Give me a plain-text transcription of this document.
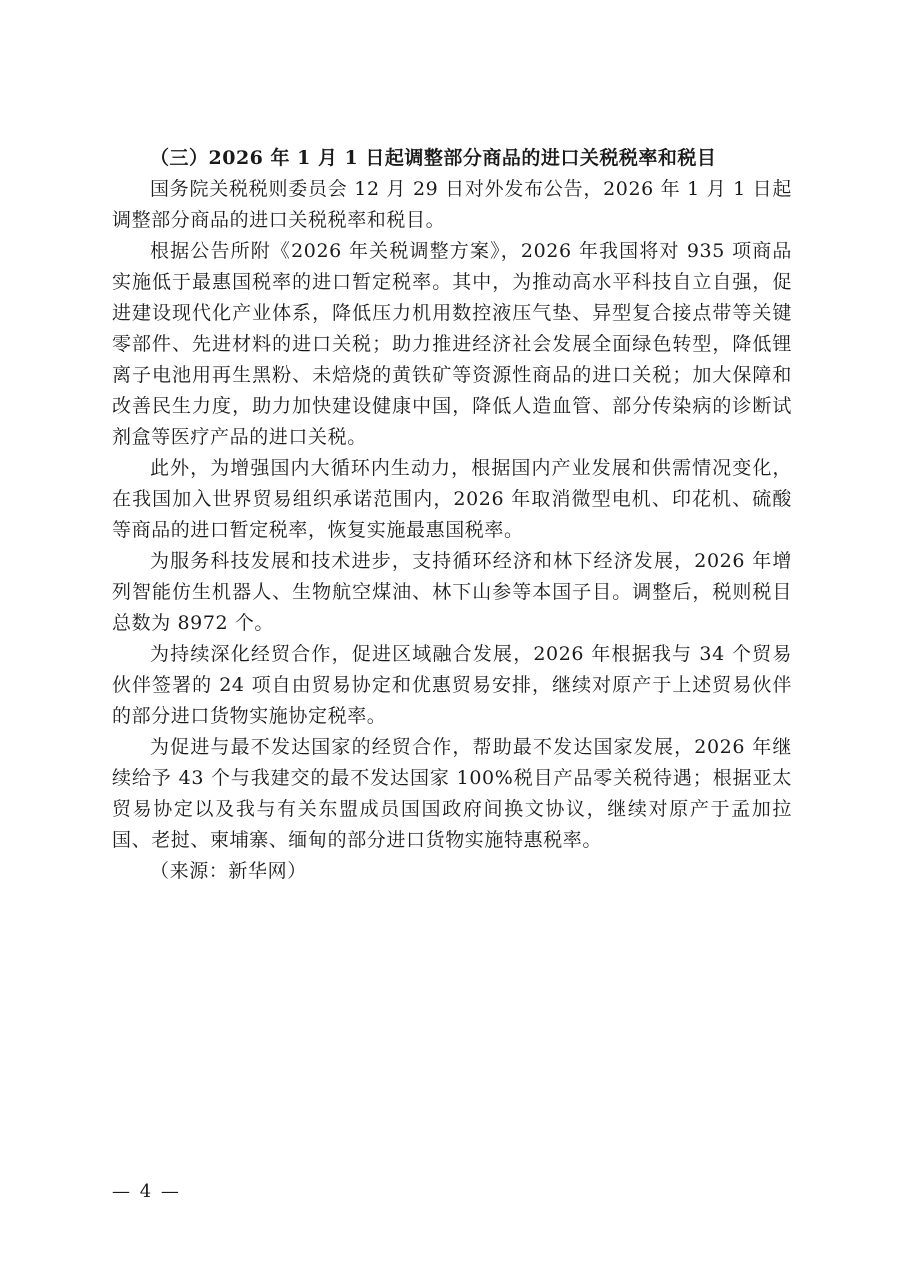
（三）2026 年 1 月 1 日起调整部分商品的进口关税税率和税目

国务院关税税则委员会 12 月 29 日对外发布公告，2026 年 1 月 1 日起调整部分商品的进口关税税率和税目。

根据公告所附《2026 年关税调整方案》，2026 年我国将对 935 项商品实施低于最惠国税率的进口暂定税率。其中，为推动高水平科技自立自强，促进建设现代化产业体系，降低压力机用数控液压气垫、异型复合接点带等关键零部件、先进材料的进口关税；助力推进经济社会发展全面绿色转型，降低锂离子电池用再生黑粉、未焙烧的黄铁矿等资源性商品的进口关税；加大保障和改善民生力度，助力加快建设健康中国，降低人造血管、部分传染病的诊断试剂盒等医疗产品的进口关税。

此外，为增强国内大循环内生动力，根据国内产业发展和供需情况变化，在我国加入世界贸易组织承诺范围内，2026 年取消微型电机、印花机、硫酸等商品的进口暂定税率，恢复实施最惠国税率。

为服务科技发展和技术进步，支持循环经济和林下经济发展，2026 年增列智能仿生机器人、生物航空煤油、林下山参等本国子目。调整后，税则税目总数为 8972 个。

为持续深化经贸合作，促进区域融合发展，2026 年根据我与 34 个贸易伙伴签署的 24 项自由贸易协定和优惠贸易安排，继续对原产于上述贸易伙伴的部分进口货物实施协定税率。

为促进与最不发达国家的经贸合作，帮助最不发达国家发展，2026 年继续给予 43 个与我建交的最不发达国家 100%税目产品零关税待遇；根据亚太贸易协定以及我与有关东盟成员国国政府间换文协议，继续对原产于孟加拉国、老挝、柬埔寨、缅甸的部分进口货物实施特惠税率。

（来源：新华网）

— 4 —
